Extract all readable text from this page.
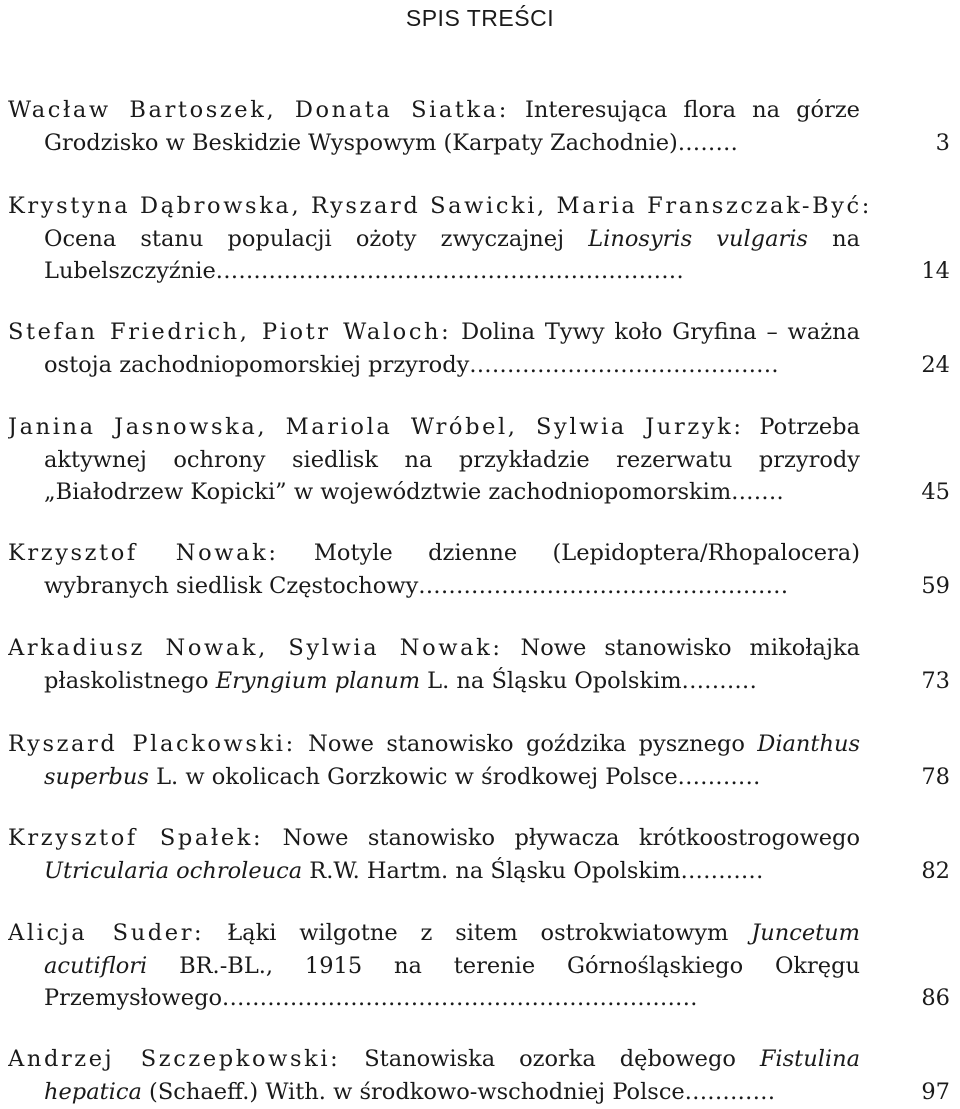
SPIS TREŚCI
Wacław Bartoszek, Donata Siatka: Interesująca flora na górze
Grodzisko w Beskidzie Wyspowym (Karpaty Zachodnie) ........	3
Krystyna Dąbrowska, Ryszard Sawicki, Maria Franszczak-Być:
Ocena stanu populacji ożoty zwyczajnej Linosyris vulgaris na
Lubelszczyźnie ..............................................................	14
Stefan Friedrich, Piotr Waloch: Dolina Tywy koło Gryfina – ważna
ostoja zachodniopomorskiej przyrody .........................................	24
Janina Jasnowska, Mariola Wróbel, Sylwia Jurzyk: Potrzeba
aktywnej ochrony siedlisk na przykładzie rezerwatu przyrody
„Białodrzew Kopicki” w województwie zachodniopomorskim .......	45
Krzysztof Nowak: Motyle dzienne (Lepidoptera/Rhopalocera)
wybranych siedlisk Częstochowy .................................................	59
Arkadiusz Nowak, Sylwia Nowak: Nowe stanowisko mikołajka
płaskolistnego Eryngium planum L. na Śląsku Opolskim ..........	73
Ryszard Plackowski: Nowe stanowisko goździka pysznego Dianthus
superbus L. w okolicach Gorzkowic w środkowej Polsce ...........	78
Krzysztof Spałek: Nowe stanowisko pływacza krótkoostrogowego
Utricularia ochroleuca R.W. Hartm. na Śląsku Opolskim ...........	82
Alicja Suder: Łąki wilgotne z sitem ostrokwiatowym Juncetum
acutiflori BR.-BL., 1915 na terenie Górnośląskiego Okręgu
Przemysłowego ...............................................................	86
Andrzej Szczepkowski: Stanowiska ozorka dębowego Fistulina
hepatica (Schaeff.) With. w środkowo-wschodniej Polsce ............	97
